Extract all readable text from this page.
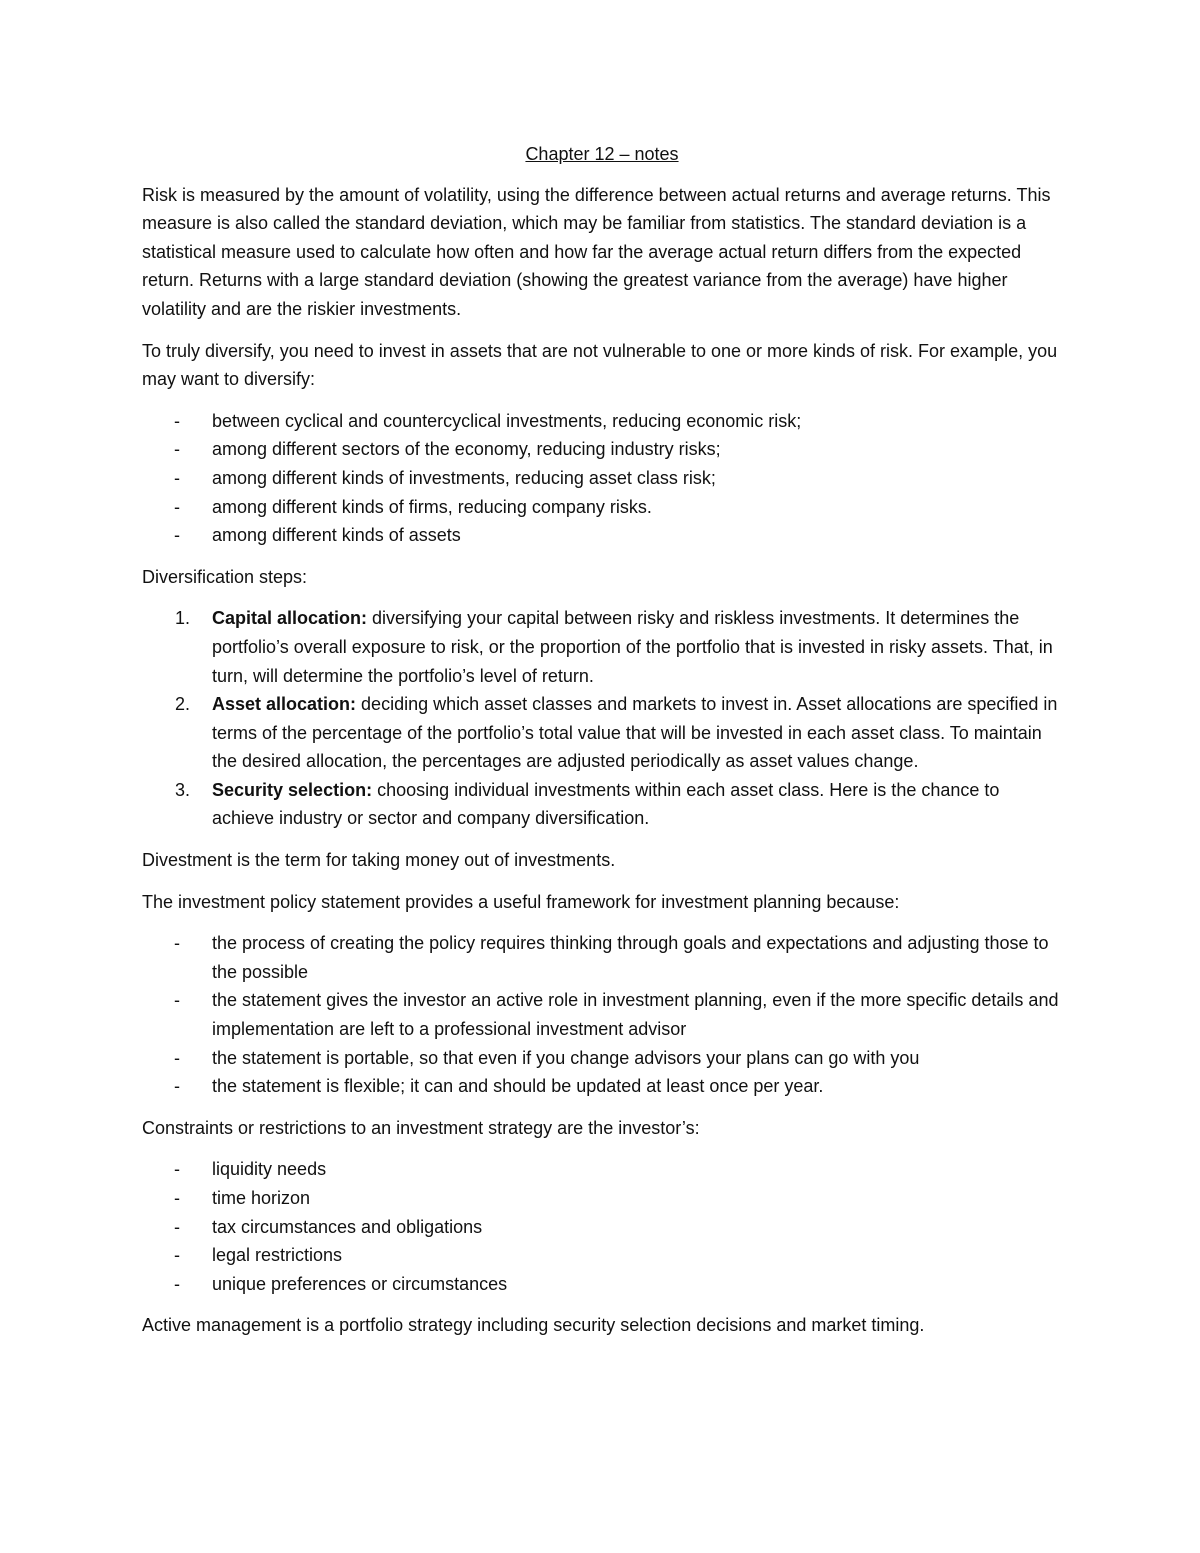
Chapter 12 – notes

Risk is measured by the amount of volatility, using the difference between actual returns and average returns. This measure is also called the standard deviation, which may be familiar from statistics. The standard deviation is a statistical measure used to calculate how often and how far the average actual return differs from the expected return. Returns with a large standard deviation (showing the greatest variance from the average) have higher volatility and are the riskier investments.

To truly diversify, you need to invest in assets that are not vulnerable to one or more kinds of risk. For example, you may want to diversify:

- between cyclical and countercyclical investments, reducing economic risk;
- among different sectors of the economy, reducing industry risks;
- among different kinds of investments, reducing asset class risk;
- among different kinds of firms, reducing company risks.
- among different kinds of assets

Diversification steps:

1. Capital allocation: diversifying your capital between risky and riskless investments. It determines the portfolio’s overall exposure to risk, or the proportion of the portfolio that is invested in risky assets. That, in turn, will determine the portfolio’s level of return.
2. Asset allocation: deciding which asset classes and markets to invest in. Asset allocations are specified in terms of the percentage of the portfolio’s total value that will be invested in each asset class. To maintain the desired allocation, the percentages are adjusted periodically as asset values change.
3. Security selection: choosing individual investments within each asset class. Here is the chance to achieve industry or sector and company diversification.

Divestment is the term for taking money out of investments.

The investment policy statement provides a useful framework for investment planning because:

- the process of creating the policy requires thinking through goals and expectations and adjusting those to the possible
- the statement gives the investor an active role in investment planning, even if the more specific details and implementation are left to a professional investment advisor
- the statement is portable, so that even if you change advisors your plans can go with you
- the statement is flexible; it can and should be updated at least once per year.

Constraints or restrictions to an investment strategy are the investor’s:

- liquidity needs
- time horizon
- tax circumstances and obligations
- legal restrictions
- unique preferences or circumstances

Active management is a portfolio strategy including security selection decisions and market timing.
